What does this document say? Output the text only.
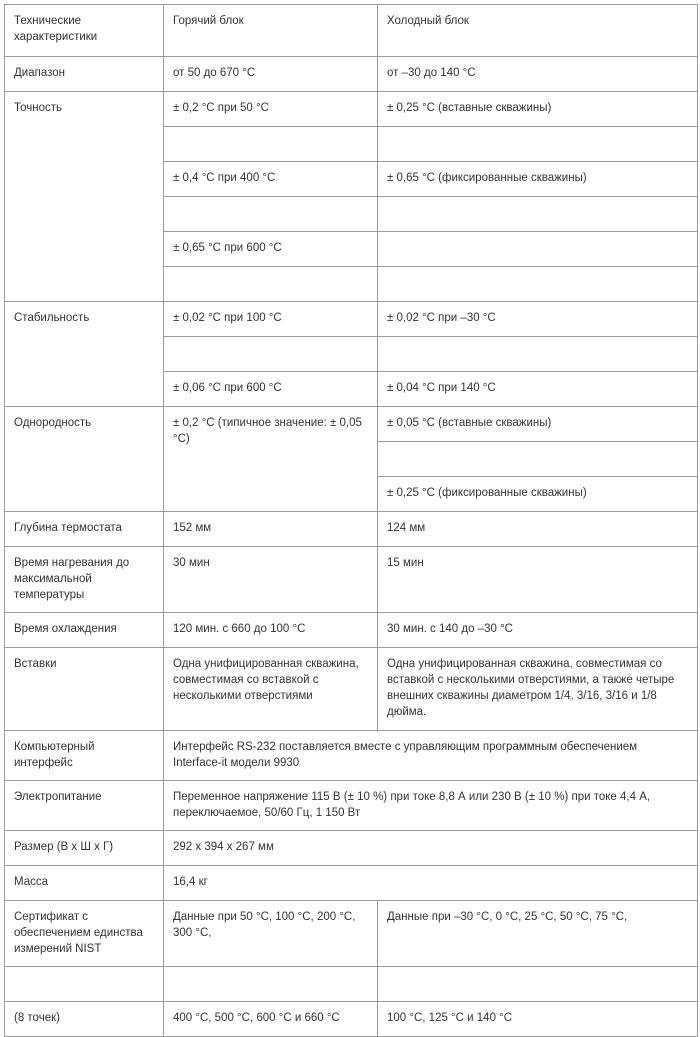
Технические характеристики	Горячий блок	Холодный блок
Диапазон	от 50 до 670 °C	от –30 до 140 °C
Точность	± 0,2 °C при 50 °C	± 0,25 °C (вставные скважины)

	± 0,4 °C при 400 °C	± 0,65 °C (фиксированные скважины)

	± 0,65 °C при 600 °C	

Стабильность	± 0,02 °C при 100 °C	± 0,02 °C при –30 °C

	± 0,06 °C при 600 °C	± 0,04 °C при 140 °C
Однородность	± 0,2 °C (типичное значение: ± 0,05 °C)	± 0,05 °C (вставные скважины)

		± 0,25 °C (фиксированные скважины)
Глубина термостата	152 мм	124 мм
Время нагревания до максимальной температуры	30 мин	15 мин
Время охлаждения	120 мин. с 660 до 100 °C	30 мин. с 140 до –30 °C
Вставки	Одна унифицированная скважина, совместимая со вставкой с несколькими отверстиями	Одна унифицированная скважина, совместимая со вставкой с несколькими отверстиями, а также четыре внешних скважины диаметром 1/4, 3/16, 3/16 и 1/8 дюйма.
Компьютерный интерфейс	Интерфейс RS-232 поставляется вместе с управляющим программным обеспечением Interface-it модели 9930	
Электропитание	Переменное напряжение 115 В (± 10 %) при токе 8,8 А или 230 В (± 10 %) при токе 4,4 А, переключаемое, 50/60 Гц, 1 150 Вт	
Размер (В x Ш x Г)	292 x 394 x 267 мм	
Масса	16,4 кг	
Сертификат с обеспечением единства измерений NIST	Данные при 50 °C, 100 °C, 200 °C, 300 °C,	Данные при –30 °C, 0 °C, 25 °C, 50 °C, 75 °C,

(8 точек)	400 °C, 500 °C, 600 °C и 660 °C	100 °C, 125 °C и 140 °C
